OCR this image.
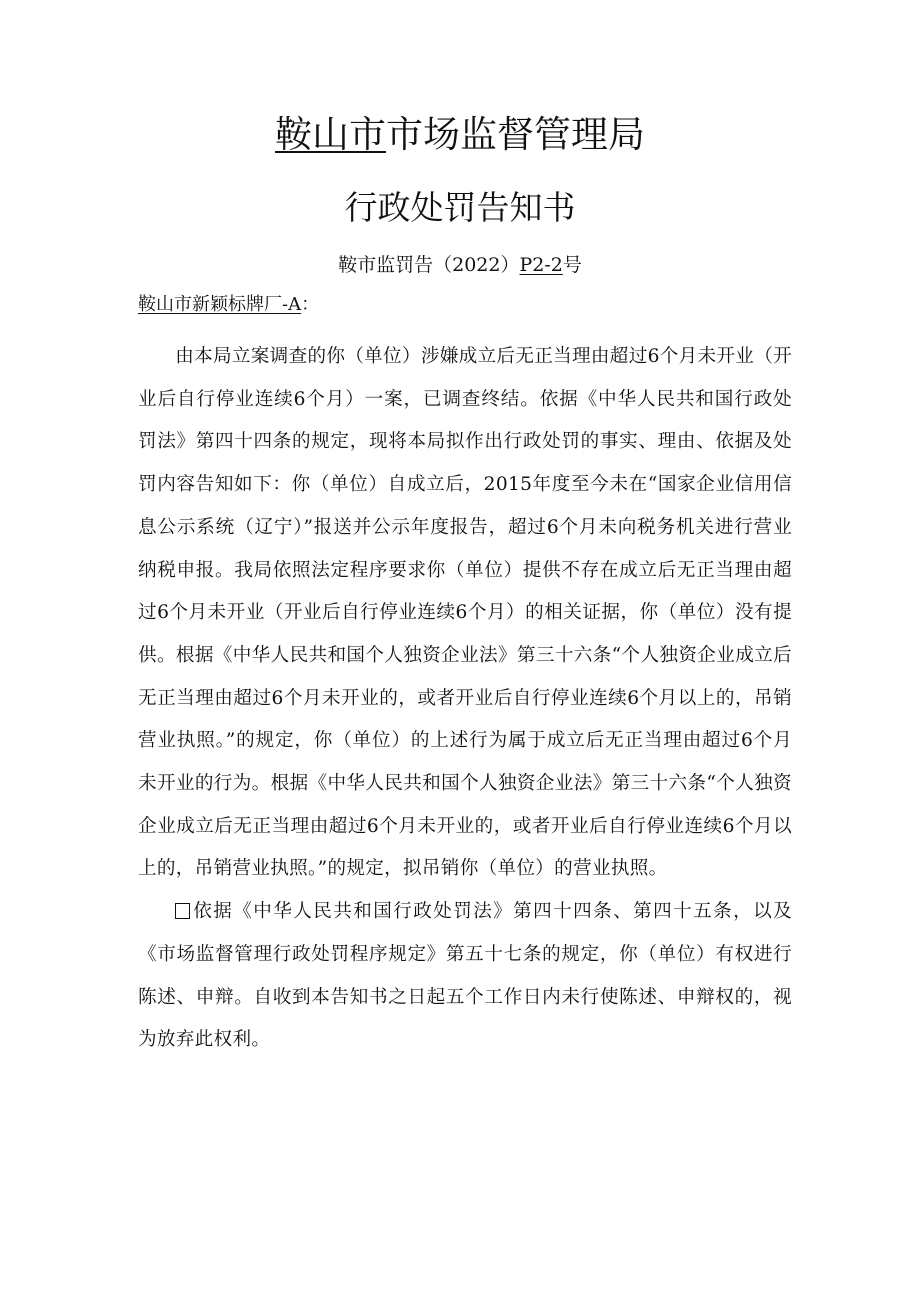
鞍山市市场监督管理局
行政处罚告知书
鞍市监罚告（2022）P2-2号
鞍山市新颖标牌厂-A：

由本局立案调查的你（单位）涉嫌成立后无正当理由超过6个月未开业（开业后自行停业连续6个月）一案，已调查终结。依据《中华人民共和国行政处罚法》第四十四条的规定，现将本局拟作出行政处罚的事实、理由、依据及处罚内容告知如下：你（单位）自成立后，2015年度至今未在“国家企业信用信息公示系统（辽宁）”报送并公示年度报告，超过6个月未向税务机关进行营业纳税申报。我局依照法定程序要求你（单位）提供不存在成立后无正当理由超过6个月未开业（开业后自行停业连续6个月）的相关证据，你（单位）没有提供。根据《中华人民共和国个人独资企业法》第三十六条“个人独资企业成立后无正当理由超过6个月未开业的，或者开业后自行停业连续6个月以上的，吊销营业执照。”的规定，你（单位）的上述行为属于成立后无正当理由超过6个月未开业的行为。根据《中华人民共和国个人独资企业法》第三十六条“个人独资企业成立后无正当理由超过6个月未开业的，或者开业后自行停业连续6个月以上的，吊销营业执照。”的规定，拟吊销你（单位）的营业执照。

依据《中华人民共和国行政处罚法》第四十四条、第四十五条，以及《市场监督管理行政处罚程序规定》第五十七条的规定，你（单位）有权进行陈述、申辩。自收到本告知书之日起五个工作日内未行使陈述、申辩权的，视为放弃此权利。
